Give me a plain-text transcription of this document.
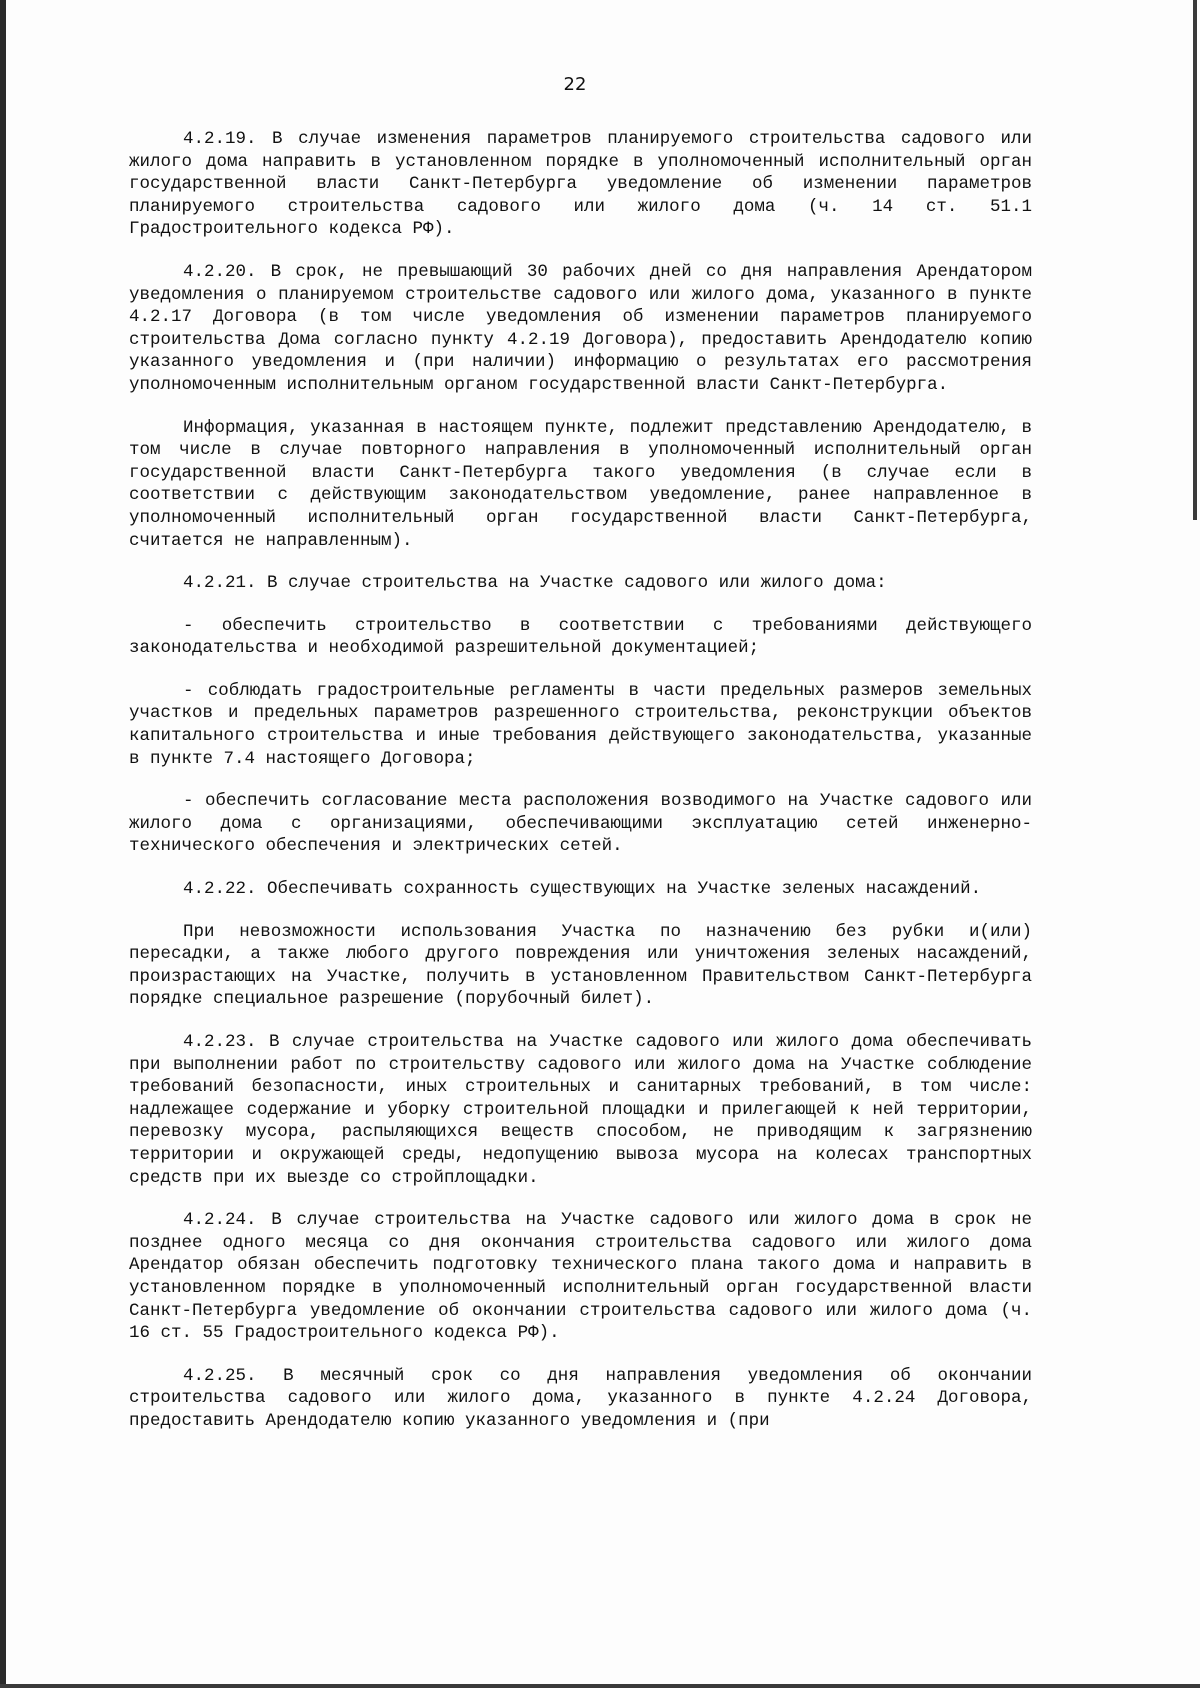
22

4.2.19. В случае изменения параметров планируемого строительства садового или жилого дома направить в установленном порядке в уполномоченный исполнительный орган государственной власти Санкт-Петербурга уведомление об изменении параметров планируемого строительства садового или жилого дома (ч. 14 ст. 51.1 Градостроительного кодекса РФ).

4.2.20. В срок, не превышающий 30 рабочих дней со дня направления Арендатором уведомления о планируемом строительстве садового или жилого дома, указанного в пункте 4.2.17 Договора (в том числе уведомления об изменении параметров планируемого строительства Дома согласно пункту 4.2.19 Договора), предоставить Арендодателю копию указанного уведомления и (при наличии) информацию о результатах его рассмотрения уполномоченным исполнительным органом государственной власти Санкт-Петербурга.

Информация, указанная в настоящем пункте, подлежит представлению Арендодателю, в том числе в случае повторного направления в уполномоченный исполнительный орган государственной власти Санкт-Петербурга такого уведомления (в случае если в соответствии с действующим законодательством уведомление, ранее направленное в уполномоченный исполнительный орган государственной власти Санкт-Петербурга, считается не направленным).

4.2.21. В случае строительства на Участке садового или жилого дома:

- обеспечить строительство в соответствии с требованиями действующего законодательства и необходимой разрешительной документацией;

- соблюдать градостроительные регламенты в части предельных размеров земельных участков и предельных параметров разрешенного строительства, реконструкции объектов капитального строительства и иные требования действующего законодательства, указанные в пункте 7.4 настоящего Договора;

- обеспечить согласование места расположения возводимого на Участке садового или жилого дома с организациями, обеспечивающими эксплуатацию сетей инженерно-технического обеспечения и электрических сетей.

4.2.22. Обеспечивать сохранность существующих на Участке зеленых насаждений.

При невозможности использования Участка по назначению без рубки и(или) пересадки, а также любого другого повреждения или уничтожения зеленых насаждений, произрастающих на Участке, получить в установленном Правительством Санкт-Петербурга порядке специальное разрешение (порубочный билет).

4.2.23. В случае строительства на Участке садового или жилого дома обеспечивать при выполнении работ по строительству садового или жилого дома на Участке соблюдение требований безопасности, иных строительных и санитарных требований, в том числе: надлежащее содержание и уборку строительной площадки и прилегающей к ней территории, перевозку мусора, распыляющихся веществ способом, не приводящим к загрязнению территории и окружающей среды, недопущению вывоза мусора на колесах транспортных средств при их выезде со стройплощадки.

4.2.24. В случае строительства на Участке садового или жилого дома в срок не позднее одного месяца со дня окончания строительства садового или жилого дома Арендатор обязан обеспечить подготовку технического плана такого дома и направить в установленном порядке в уполномоченный исполнительный орган государственной власти Санкт-Петербурга уведомление об окончании строительства садового или жилого дома (ч. 16 ст. 55 Градостроительного кодекса РФ).

4.2.25. В месячный срок со дня направления уведомления об окончании строительства садового или жилого дома, указанного в пункте 4.2.24 Договора, предоставить Арендодателю копию указанного уведомления и (при
